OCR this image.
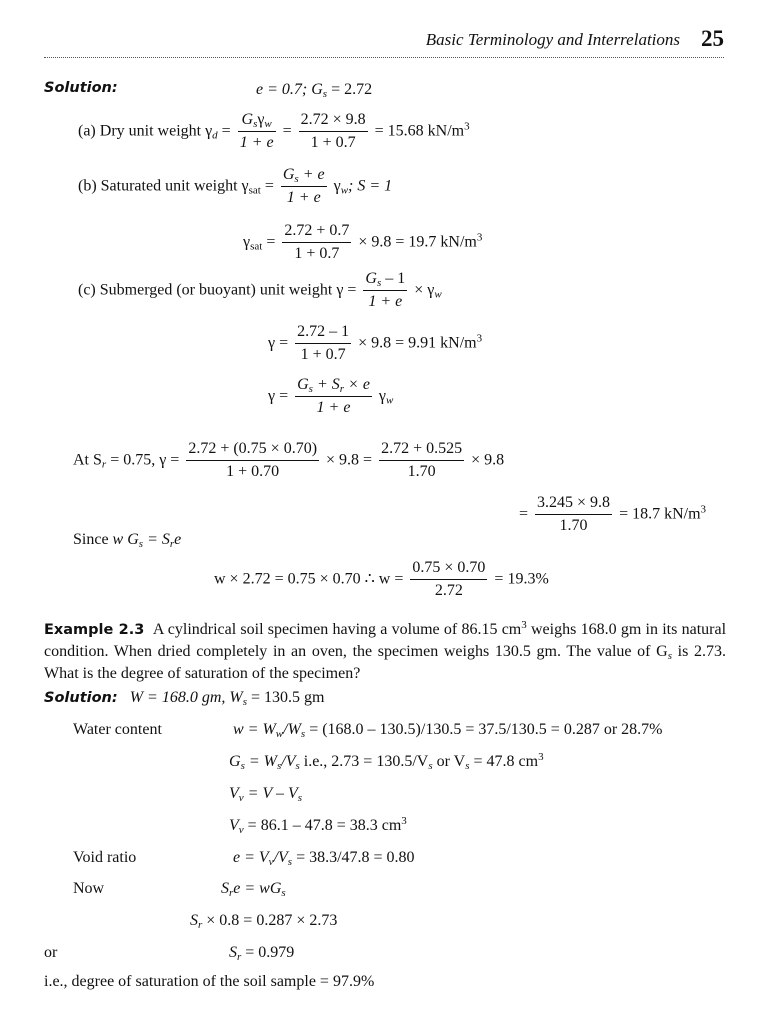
Basic Terminology and Interrelations 25
Solution:	e = 0.7; $G_s = 2.72$
(a) Dry unit weight $\gamma_d = \frac{G_s\gamma_w}{1 + e} = \frac{2.72 \times 9.8}{1 + 0.7} = 15.68$ $kN/m^3$
(b) Saturated unit weight $\gamma_{sat} = \frac{G_s + e}{1 + e} \gamma_w$; S = 1
$\gamma_{sat} = \frac{2.72 + 0.7}{1 + 0.7} \times 9.8 = 19.7$ $kN/m^3$
(c) Submerged (or buoyant) unit weight $\gamma = \frac{G_s - 1}{1 + e} \times \gamma_w$
$\gamma = \frac{2.72 - 1}{1 + 0.7} \times 9.8 = 9.91$ $kN/m^3$
$\gamma = \frac{G_s + S_r \times e}{1 + e} \gamma_w$
At $S_r = 0.75$, $\gamma = \frac{2.72 + (0.75 \times 0.70)}{1 + 0.70} \times 9.8 = \frac{2.72 + 0.525}{1.70} \times 9.8$
= $\frac{3.245 \times 9.8}{1.70} = 18.7$ $kN/m^3$
Since w $G_s = S_re$
w × 2.72 = 0.75 × 0.70 ∴ $w = \frac{0.75 \times 0.70}{2.72} = 19.3\%$
Example 2.3 A cylindrical soil specimen having a volume of 86.15 $cm^3$ weighs 168.0 gm in its natural condition. When dried completely in an oven, the specimen weighs 130.5 gm. The value of $G_s$ is 2.73. What is the degree of saturation of the specimen?
Solution: W = 168.0 gm, $W_s = 130.5$ gm
Water content	$w = W_w/W_s = (168.0 - 130.5)/130.5 = 37.5/130.5 = 0.287$ or 28.7%
$G_s = W_s/V_s$ i.e., $2.73 = 130.5/V_s$ or $V_s = 47.8$ $cm^3$
$V_v = V - V_s$
$V_v = 86.1 - 47.8 = 38.3$ $cm^3$
Void ratio	$e = V_v/V_s = 38.3/47.8 = 0.80$
Now	$S_re = wG_s$
$S_r \times 0.8 = 0.287 \times 2.73$
or	$S_r = 0.979$
i.e., degree of saturation of the soil sample = 97.9%
